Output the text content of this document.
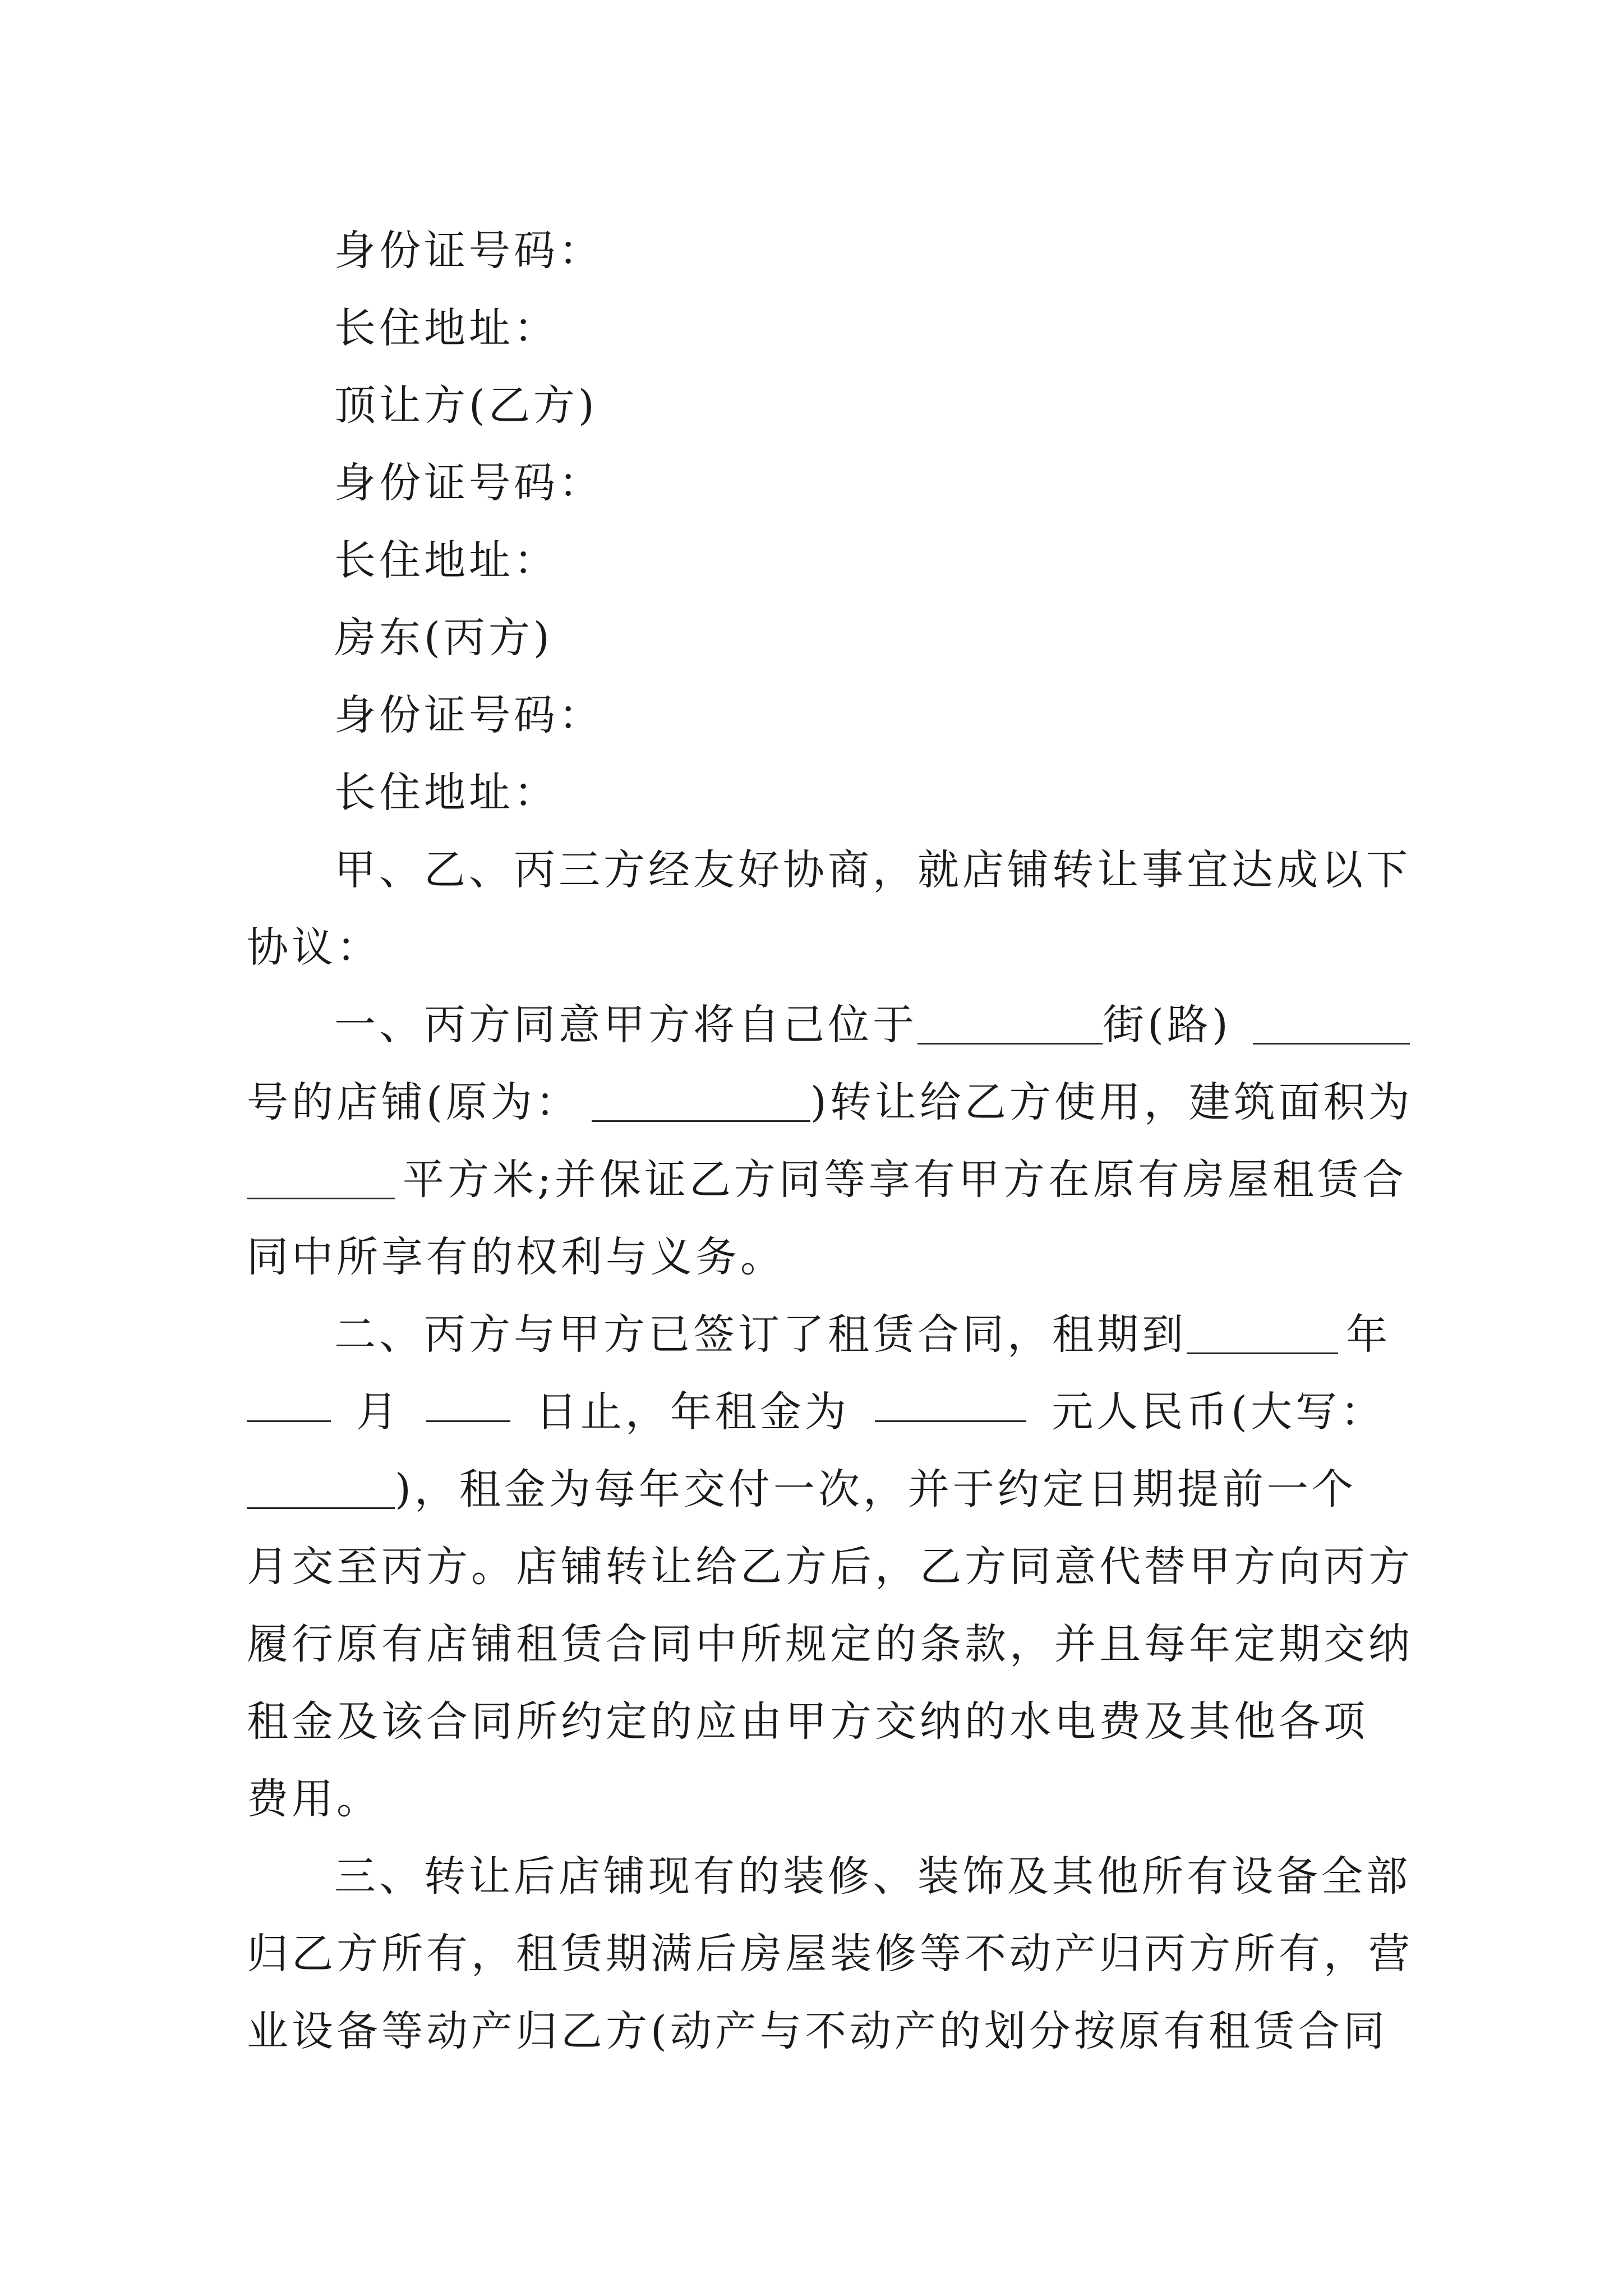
身份证号码：
长住地址：
顶让方(乙方)
身份证号码：
长住地址：
房东(丙方)
身份证号码：
长住地址：
甲、乙、丙三方经友好协商，就店铺转让事宜达成以下
协议：
一、丙方同意甲方将自己位于	街(路)
号的店铺(原为：	)转让给乙方使用，建筑面积为
平方米;并保证乙方同等享有甲方在原有房屋租赁合
同中所享有的权利与义务。
二、丙方与甲方已签订了租赁合同，租期到	年
月	日止，年租金为	元人民币(大写：
)，租金为每年交付一次，并于约定日期提前一个
月交至丙方。店铺转让给乙方后，乙方同意代替甲方向丙方
履行原有店铺租赁合同中所规定的条款，并且每年定期交纳
租金及该合同所约定的应由甲方交纳的水电费及其他各项
费用。
三、转让后店铺现有的装修、装饰及其他所有设备全部
归乙方所有，租赁期满后房屋装修等不动产归丙方所有，营
业设备等动产归乙方(动产与不动产的划分按原有租赁合同
